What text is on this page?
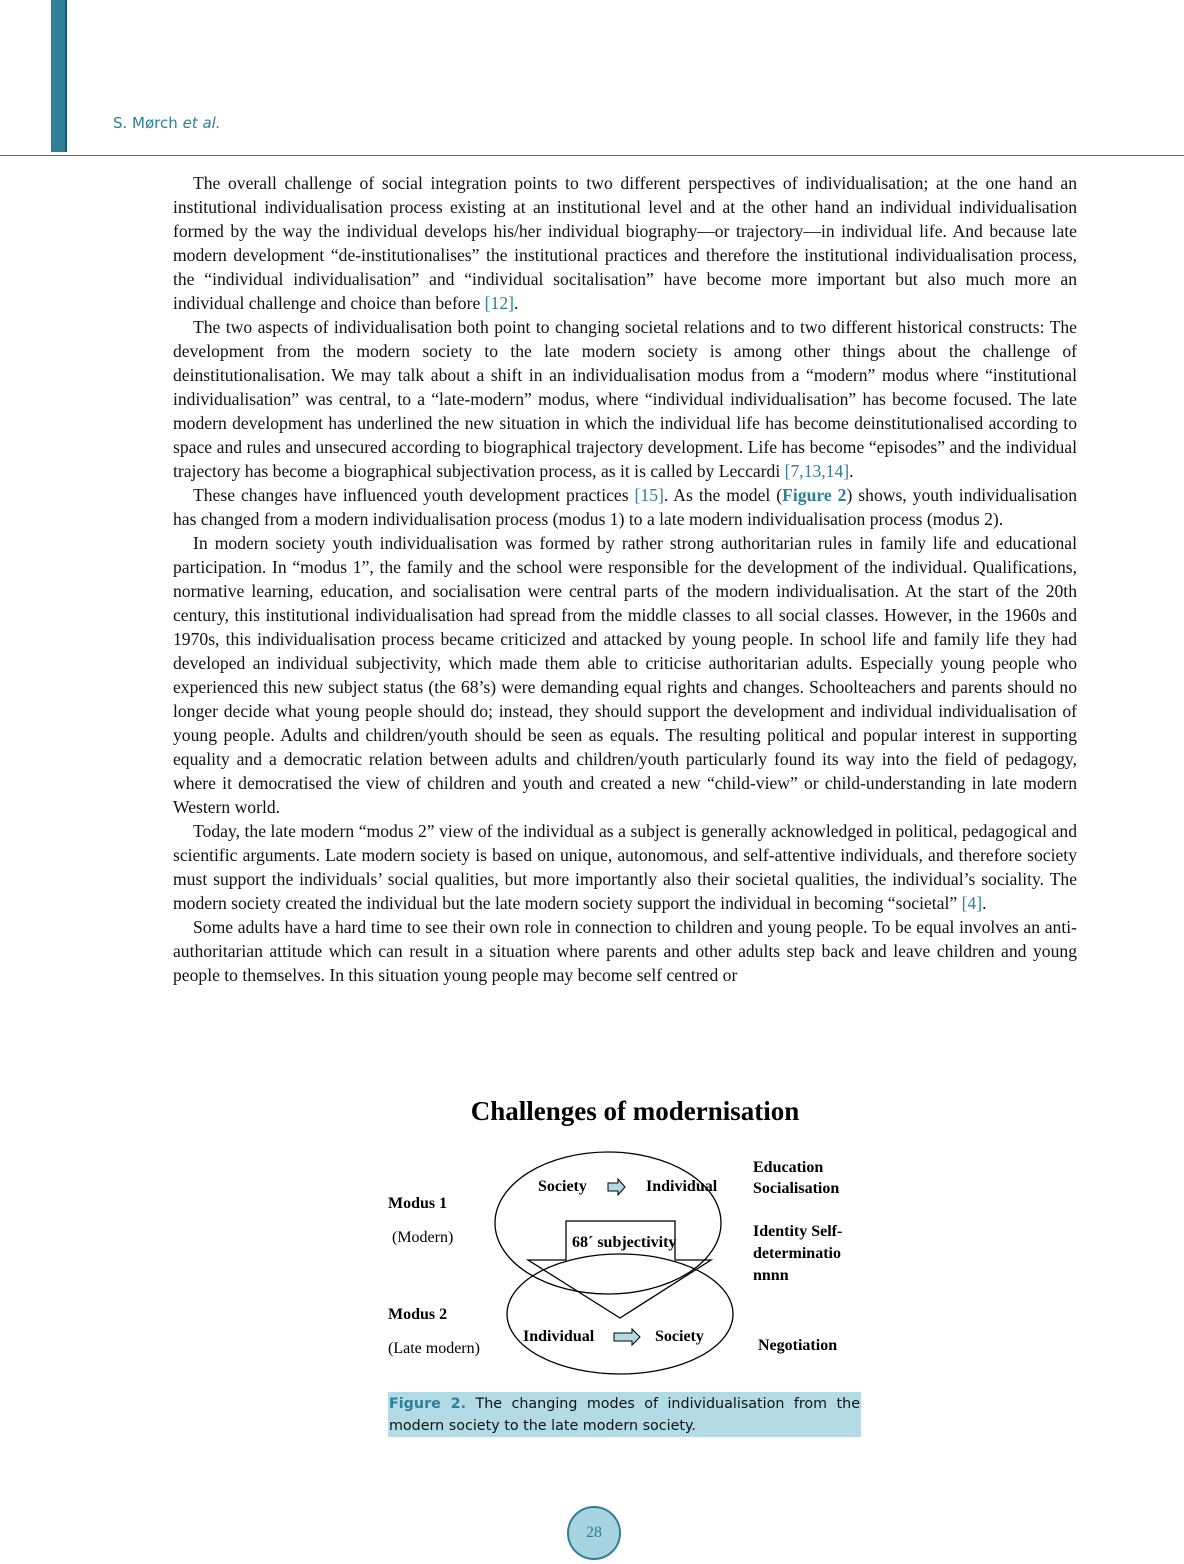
S. Mørch et al.

The overall challenge of social integration points to two different perspectives of individualisation; at the one hand an institutional individualisation process existing at an institutional level and at the other hand an individual individualisation formed by the way the individual develops his/her individual biography—or trajectory—in individual life. And because late modern development “de-institutionalises” the institutional practices and therefore the institutional individualisation process, the “individual individualisation” and “individual socitalisation” have become more important but also much more an individual challenge and choice than before [12].

The two aspects of individualisation both point to changing societal relations and to two different historical constructs: The development from the modern society to the late modern society is among other things about the challenge of deinstitutionalisation. We may talk about a shift in an individualisation modus from a “modern” modus where “institutional individualisation” was central, to a “late-modern” modus, where “individual individualisation” has become focused. The late modern development has underlined the new situation in which the individual life has become deinstitutionalised according to space and rules and unsecured according to biographical trajectory development. Life has become “episodes” and the individual trajectory has become a biographical subjectivation process, as it is called by Leccardi [7,13,14].

These changes have influenced youth development practices [15]. As the model (Figure 2) shows, youth individualisation has changed from a modern individualisation process (modus 1) to a late modern individualisation process (modus 2).

In modern society youth individualisation was formed by rather strong authoritarian rules in family life and educational participation. In “modus 1”, the family and the school were responsible for the development of the individual. Qualifications, normative learning, education, and socialisation were central parts of the modern individualisation. At the start of the 20th century, this institutional individualisation had spread from the middle classes to all social classes. However, in the 1960s and 1970s, this individualisation process became criticized and attacked by young people. In school life and family life they had developed an individual subjectivity, which made them able to criticise authoritarian adults. Especially young people who experienced this new subject status (the 68’s) were demanding equal rights and changes. Schoolteachers and parents should no longer decide what young people should do; instead, they should support the development and individual individualisation of young people. Adults and children/youth should be seen as equals. The resulting political and popular interest in supporting equality and a democratic relation between adults and children/youth particularly found its way into the field of pedagogy, where it democratised the view of children and youth and created a new “child-view” or child-understanding in late modern Western world.

Today, the late modern “modus 2” view of the individual as a subject is generally acknowledged in political, pedagogical and scientific arguments. Late modern society is based on unique, autonomous, and self-attentive individuals, and therefore society must support the individuals’ social qualities, but more importantly also their societal qualities, the individual’s sociality. The modern society created the individual but the late modern society support the individual in becoming “societal” [4].

Some adults have a hard time to see their own role in connection to children and young people. To be equal involves an anti-authoritarian attitude which can result in a situation where parents and other adults step back and leave children and young people to themselves. In this situation young people may become self centred or

Challenges of modernisation
Modus 1
(Modern)
Modus 2
(Late modern)
Society	Individual
68´ subjectivity
Individual	Society
Education
Socialisation
Identity Self-
determinatio
nnnn
Negotiation
Figure 2. The changing modes of individualisation from the modern society to the late modern society.
28
